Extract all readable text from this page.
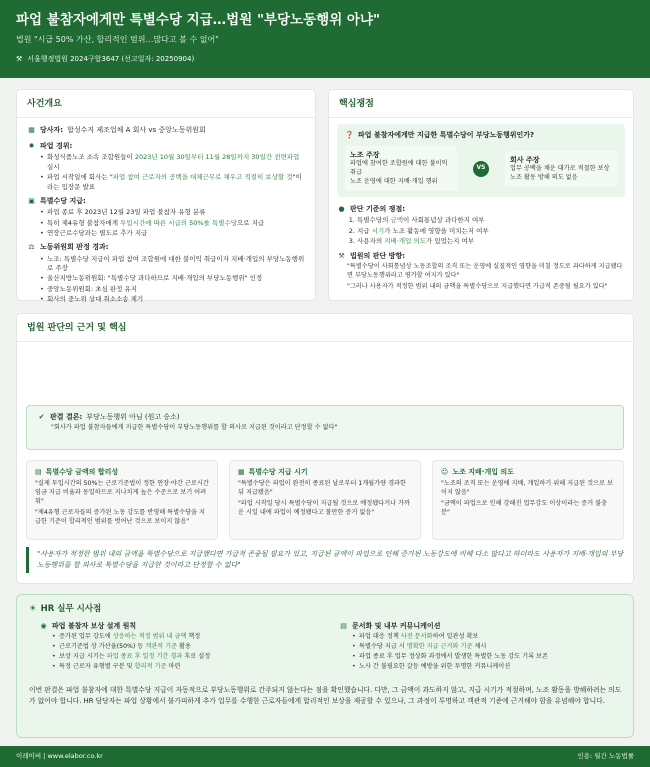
파업 불참자에게만 특별수당 지급…법원 "부당노동행위 아냐"
법원 "시급 50% 가산, 합리적인 범위…많다고 볼 수 없어"
⚒ 서울행정법원 2024구합3647 (선고일자: 20250904)
사건개요
▦ 당사자: 합성수지 제조업체 A 회사 vs 중앙노동위원회
✹ 파업 경위:
• 화성식품노조 소속 조합원들이 2023년 10월 30일부터 11월 28일까지 30일간 전면파업 실시
• 파업 시작일에 회사는 "파업 참여 근로자의 공백을 대체근무로 채우고 적절히 보상할 것"이라는 입장문 발표
▣ 특별수당 지급:
• 파업 종료 후 2023년 12월 23일 파업 불참자 유형 분류
• 특히 제4유형 불참자에게 투입시간에 따른 시급의 50%를 특별수당으로 지급
• 연장근로수당과는 별도로 추가 지급
⚖ 노동위원회 판정 경과:
• 노조: 특별수당 지급이 파업 참여 조합원에 대한 불이익 취급이자 지배·개입의 부당노동행위로 주장
• 울산지방노동위원회: "특별수당 과다하므로 지배·개입의 부당노동행위" 인정
• 중앙노동위원회: 초심 판정 유지
• 회사의 중노위 상대 취소소송 제기
핵심쟁점
❓ 파업 불참자에게만 지급한 특별수당이 부당노동행위인가?
노조 주장
파업에 참여한 조합원에 대한 불이익 취급
노조 운영에 대한 지배·개입 행위
VS
회사 주장
업무 공백을 채운 대가로 적절한 보상
노조 활동 방해 의도 없음
● 판단 기준의 쟁점:
1. 특별수당의 금액이 사회통념상 과다한지 여부
2. 지급 시기가 노조 활동에 영향을 미치는지 여부
3. 사용자의 지배·개입 의도가 있었는지 여부
⚒ 법원의 판단 방향:
"특별수당이 사회통념상 노동조합의 조직 또는 운영에 실질적인 영향을 미칠 정도로 과다하게 지급됐다면 부당노동행위라고 평가할 여지가 있다"
"그러나 사용자가 적정한 범위 내의 금액을 특별수당으로 지급했다면 가급적 존중될 필요가 있다"
법원 판단의 근거 및 핵심
✔ 판결 결론: 부당노동행위 아님 (원고 승소)
"회사가 파업 불참자들에게 지급한 특별수당이 부당노동행위를 할 의사로 지급된 것이라고 단정할 수 없다"
▤ 특별수당 금액의 합리성
"실제 투입시간의 50%는 근로기준법이 정한 연장·야간 근로시간 임금 지급 비율과 동일하므로 지나치게 높은 수준으로 보기 어려워"
"제4유형 근로자들의 증가된 노동 강도를 반영해 특별수당을 지급한 기준이 합리적인 범위를 벗어난 것으로 보이지 않음"
▦ 특별수당 지급 시기
"특별수당은 파업이 완전히 종료된 날로부터 1개월가량 경과한 뒤 지급됐음"
"파업 시작일 당시 특별수당이 지급될 것으로 예정됐다거나 가까운 시일 내에 파업이 예정됐다고 볼만한 증거 없음"
☺ 노조 지배·개입 의도
"노조의 조직 또는 운영에 지배, 개입하기 위해 지급된 것으로 보이지 않음"
"금액이 파업으로 인해 강해진 업무강도 이상이라는 증거 불충분"
"사용자가 적정한 범위 내의 금액을 특별수당으로 지급했다면 가급적 존중될 필요가 있고, 지급된 금액이 파업으로 인해 증가된 노동강도에 비해 다소 많다고 하더라도 사용자가 지배·개입의 부당노동행위를 할 의사로 특별수당을 지급한 것이라고 단정할 수 없다"
☀ HR 실무 시사점
◉ 파업 불참자 보상 설계 원칙
• 증가된 업무 강도에 상응하는 적정 범위 내 금액 책정
• 근로기준법 상 가산율(50%) 등 객관적 기준 활용
• 보상 지급 시기는 파업 종료 후 일정 기간 경과 후로 설정
• 특정 근로자 유형별 구분 및 합리적 기준 마련
▤ 문서화 및 내부 커뮤니케이션
• 파업 대응 정책 사전 문서화하여 일관성 확보
• 특별수당 지급 시 명확한 지급 근거와 기준 제시
• 파업 종료 후 업무 정상화 과정에서 발생한 특별한 노동 강도 기록 보존
• 노사 간 불필요한 갈등 예방을 위한 투명한 커뮤니케이션
이번 판결은 파업 불참자에 대한 특별수당 지급이 자동적으로 부당노동행위로 간주되지 않는다는 점을 확인했습니다. 다만, 그 금액이 과도하지 않고, 지급 시기가 적절하며, 노조 활동을 방해하려는 의도가 없어야 합니다. HR 담당자는 파업 상황에서 불가피하게 추가 업무를 수행한 근로자들에게 합리적인 보상을 제공할 수 있으나, 그 과정이 투명하고 객관적 기준에 근거해야 함을 유념해야 합니다.
이레이버 | www.elabor.co.kr	인용: 월간 노동법률
